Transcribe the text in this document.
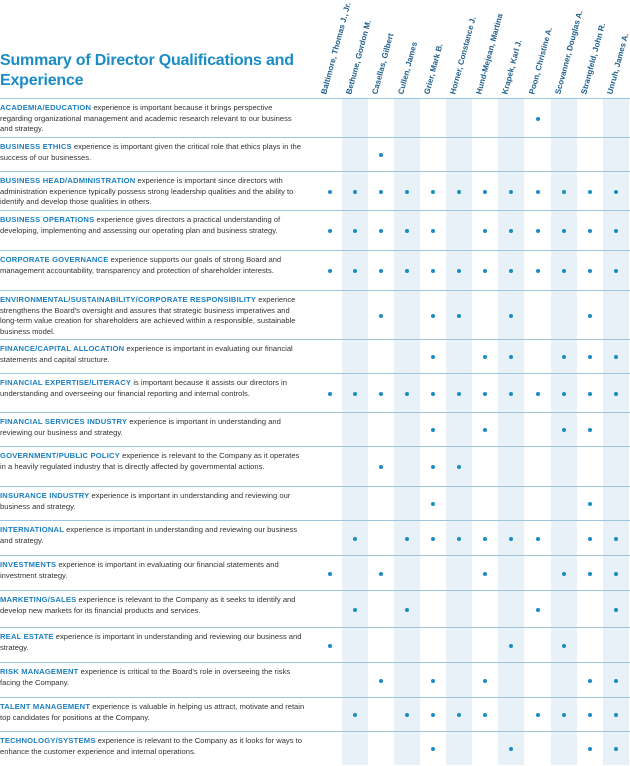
Summary of Director Qualifications and Experience	Baltimore, Thomas J., Jr.
Bethune, Gordon M.
Casellas, Gilbert Cullen, James Grier, Mark B. Horner, Constance J.
Hund-Mejean, Martina
Krapek, Karl J. Poon, Christine A. Scovanner, Douglas A.
Strangfeld, John R.
Unruh, James A.
ACADEMIA/EDUCATION experience is important because it brings perspective regarding organizational management and academic research relevant to our business and strategy.
BUSINESS ETHICS experience is important given the critical role that ethics plays in the success of our businesses.
BUSINESS HEAD/ADMINISTRATION experience is important since directors with administration experience typically possess strong leadership qualities and the ability to identify and develop those qualities in others.
BUSINESS OPERATIONS experience gives directors a practical understanding of developing, implementing and assessing our operating plan and business strategy.
CORPORATE GOVERNANCE experience supports our goals of strong Board and management accountability, transparency and protection of shareholder interests.
ENVIRONMENTAL/SUSTAINABILITY/CORPORATE RESPONSIBILITY experience strengthens the Board's oversight and assures that strategic business imperatives and long-term value creation for shareholders are achieved within a responsible, sustainable business model.
FINANCE/CAPITAL ALLOCATION experience is important in evaluating our financial statements and capital structure.
FINANCIAL EXPERTISE/LITERACY is important because it assists our directors in understanding and overseeing our financial reporting and internal controls.
FINANCIAL SERVICES INDUSTRY experience is important in understanding and reviewing our business and strategy.
GOVERNMENT/PUBLIC POLICY experience is relevant to the Company as it operates in a heavily regulated industry that is directly affected by governmental actions.
INSURANCE INDUSTRY experience is important in understanding and reviewing our business and strategy.
INTERNATIONAL experience is important in understanding and reviewing our business and strategy.
INVESTMENTS experience is important in evaluating our financial statements and investment strategy.
MARKETING/SALES experience is relevant to the Company as it seeks to identify and develop new markets for its financial products and services.
REAL ESTATE experience is important in understanding and reviewing our business and strategy.
RISK MANAGEMENT experience is critical to the Board's role in overseeing the risks facing the Company.
TALENT MANAGEMENT experience is valuable in helping us attract, motivate and retain top candidates for positions at the Company.
TECHNOLOGY/SYSTEMS experience is relevant to the Company as it looks for ways to enhance the customer experience and internal operations.
